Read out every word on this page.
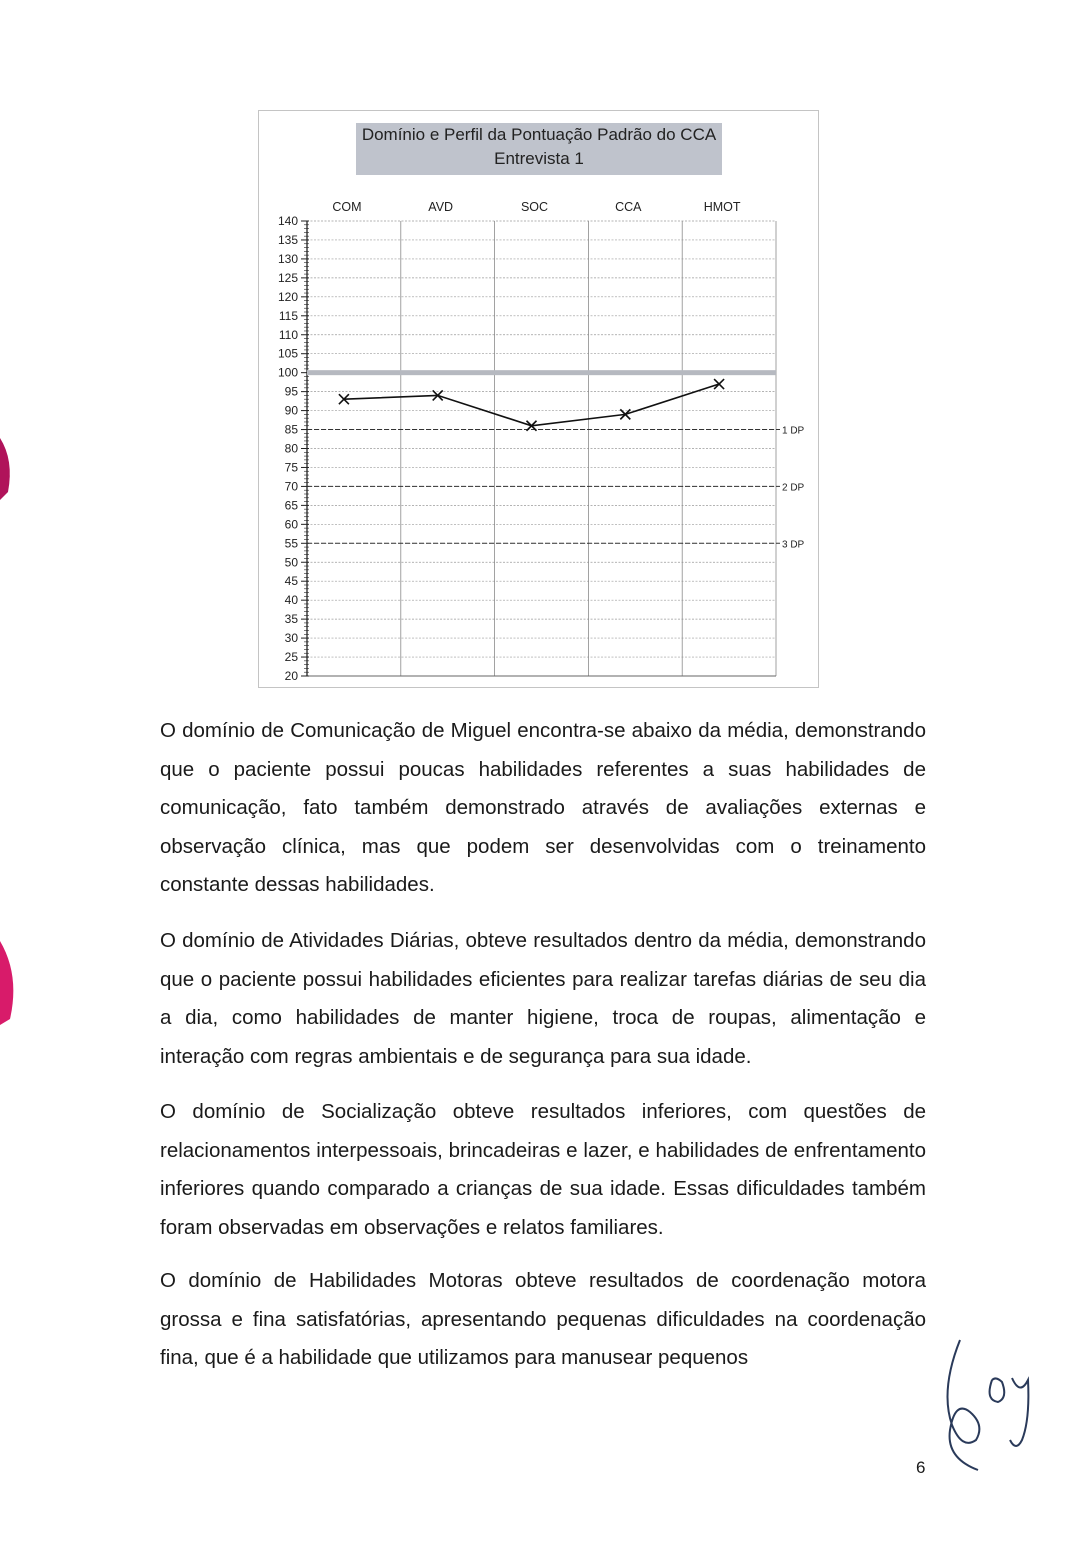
Domínio e Perfil da Pontuação Padrão do CCA
Entrevista 1
140
135
130
125
120
115
110
105
100
95
90
85
80
75
70
65
60
55
50
45
40
35
30
25
20
COM	AVD	SOC	CCA	HMOT
1 DP
2 DP
3 DP

O domínio de Comunicação de Miguel encontra-se abaixo da média, demonstrando que o paciente possui poucas habilidades referentes a suas habilidades de comunicação, fato também demonstrado através de avaliações externas e observação clínica, mas que podem ser desenvolvidas com o treinamento constante dessas habilidades.

O domínio de Atividades Diárias, obteve resultados dentro da média, demonstrando que o paciente possui habilidades eficientes para realizar tarefas diárias de seu dia a dia, como habilidades de manter higiene, troca de roupas, alimentação e interação com regras ambientais e de segurança para sua idade.

O domínio de Socialização obteve resultados inferiores, com questões de relacionamentos interpessoais, brincadeiras e lazer, e habilidades de enfrentamento inferiores quando comparado a crianças de sua idade. Essas dificuldades também foram observadas em observações e relatos familiares.

O domínio de Habilidades Motoras obteve resultados de coordenação motora grossa e fina satisfatórias, apresentando pequenas dificuldades na coordenação fina, que é a habilidade que utilizamos para manusear pequenos

6
